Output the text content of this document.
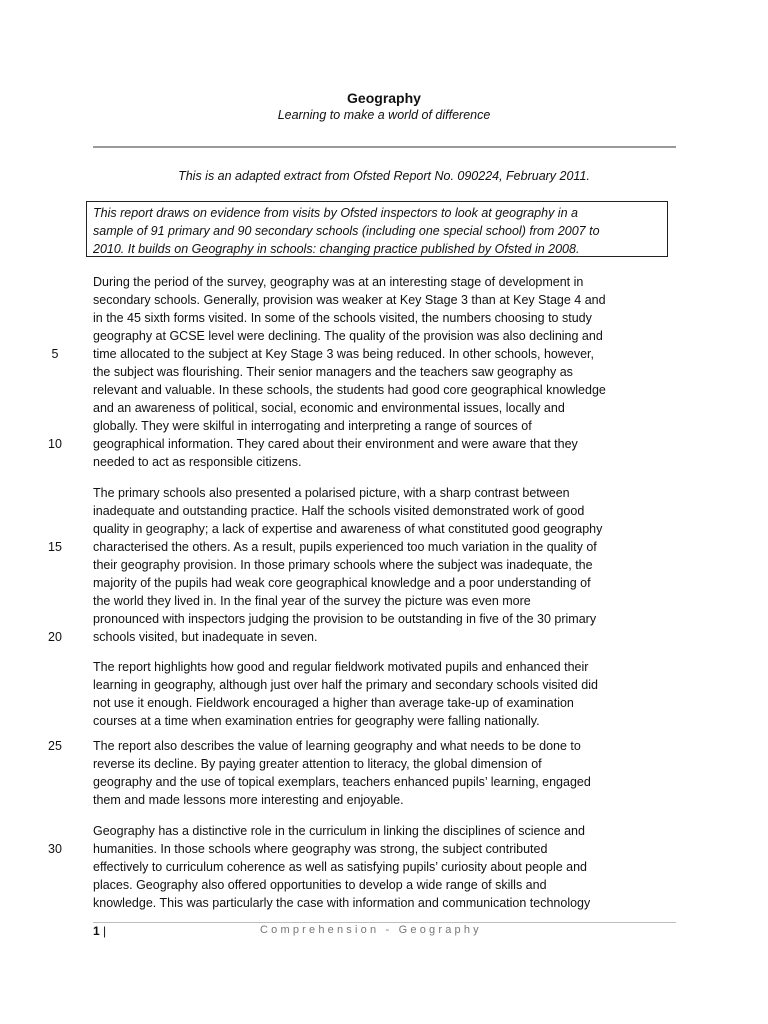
Geography
Learning to make a world of difference
This is an adapted extract from Ofsted Report No. 090224, February 2011.
This report draws on evidence from visits by Ofsted inspectors to look at geography in a
sample of 91 primary and 90 secondary schools (including one special school) from 2007 to
2010. It builds on Geography in schools: changing practice published by Ofsted in 2008.
During the period of the survey, geography was at an interesting stage of development in
secondary schools. Generally, provision was weaker at Key Stage 3 than at Key Stage 4 and
in the 45 sixth forms visited. In some of the schools visited, the numbers choosing to study
geography at GCSE level were declining. The quality of the provision was also declining and
time allocated to the subject at Key Stage 3 was being reduced. In other schools, however,
the subject was flourishing. Their senior managers and the teachers saw geography as
relevant and valuable. In these schools, the students had good core geographical knowledge
and an awareness of political, social, economic and environmental issues, locally and
globally. They were skilful in interrogating and interpreting a range of sources of
geographical information. They cared about their environment and were aware that they
needed to act as responsible citizens.
The primary schools also presented a polarised picture, with a sharp contrast between
inadequate and outstanding practice. Half the schools visited demonstrated work of good
quality in geography; a lack of expertise and awareness of what constituted good geography
characterised the others. As a result, pupils experienced too much variation in the quality of
their geography provision. In those primary schools where the subject was inadequate, the
majority of the pupils had weak core geographical knowledge and a poor understanding of
the world they lived in. In the final year of the survey the picture was even more
pronounced with inspectors judging the provision to be outstanding in five of the 30 primary
schools visited, but inadequate in seven.
The report highlights how good and regular fieldwork motivated pupils and enhanced their
learning in geography, although just over half the primary and secondary schools visited did
not use it enough. Fieldwork encouraged a higher than average take-up of examination
courses at a time when examination entries for geography were falling nationally.
The report also describes the value of learning geography and what needs to be done to
reverse its decline. By paying greater attention to literacy, the global dimension of
geography and the use of topical exemplars, teachers enhanced pupils’ learning, engaged
them and made lessons more interesting and enjoyable.
Geography has a distinctive role in the curriculum in linking the disciplines of science and
humanities. In those schools where geography was strong, the subject contributed
effectively to curriculum coherence as well as satisfying pupils’ curiosity about people and
places. Geography also offered opportunities to develop a wide range of skills and
knowledge. This was particularly the case with information and communication technology
5
10
15
20
25
30
1 |	Comprehension - Geography
